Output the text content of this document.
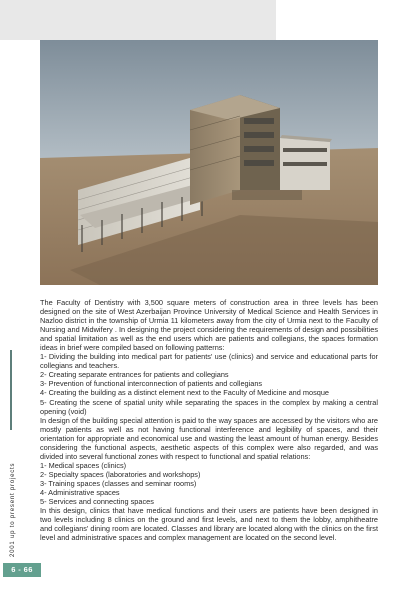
2001 up to present projects
6 - 66
The Faculty of Dentistry with 3,500 square meters of construction area in three levels has been designed on the site of West Azerbaijan Province University of Medical Science and Health Services in Nazloo district in the township of Urmia 11 kilometers away from the city of Urmia next to the Faculty of Nursing and Midwifery . In designing the project considering the requirements of design and possibilities and spatial limitation as well as the end users which are patients and collegians, the spaces formation ideas in brief were compiled based on following patterns:
1- Dividing the building into medical part for patients' use (clinics) and service and educational parts for collegians and teachers.
2- Creating separate entrances for patients and collegians
3- Prevention of functional interconnection of patients and collegians
4- Creating the building as a distinct element next to the Faculty of Medicine and mosque
5- Creating the scene of spatial unity while separating the spaces in the complex by making a central opening (void)
In design of the building special attention is paid to the way spaces are accessed by the visitors who are mostly patients as well as not having functional interference and legibility of spaces, and their orientation for appropriate and economical use and wasting the least amount of human energy. Besides considering the functional aspects, aesthetic aspects of this complex were also regarded, and was divided into several functional zones with respect to functional and spatial relations:
1- Medical spaces (clinics)
2- Specialty spaces (laboratories and workshops)
3- Training spaces (classes and seminar rooms)
4- Administrative spaces
5- Services and connecting spaces
In this design, clinics that have medical functions and their users are patients have been designed in two levels including 8 clinics on the ground and first levels, and next to them the lobby, amphitheatre and collegians' dining room are located. Classes and library are located along with the clinics on the first level and administrative spaces and complex management are located on the second level.
